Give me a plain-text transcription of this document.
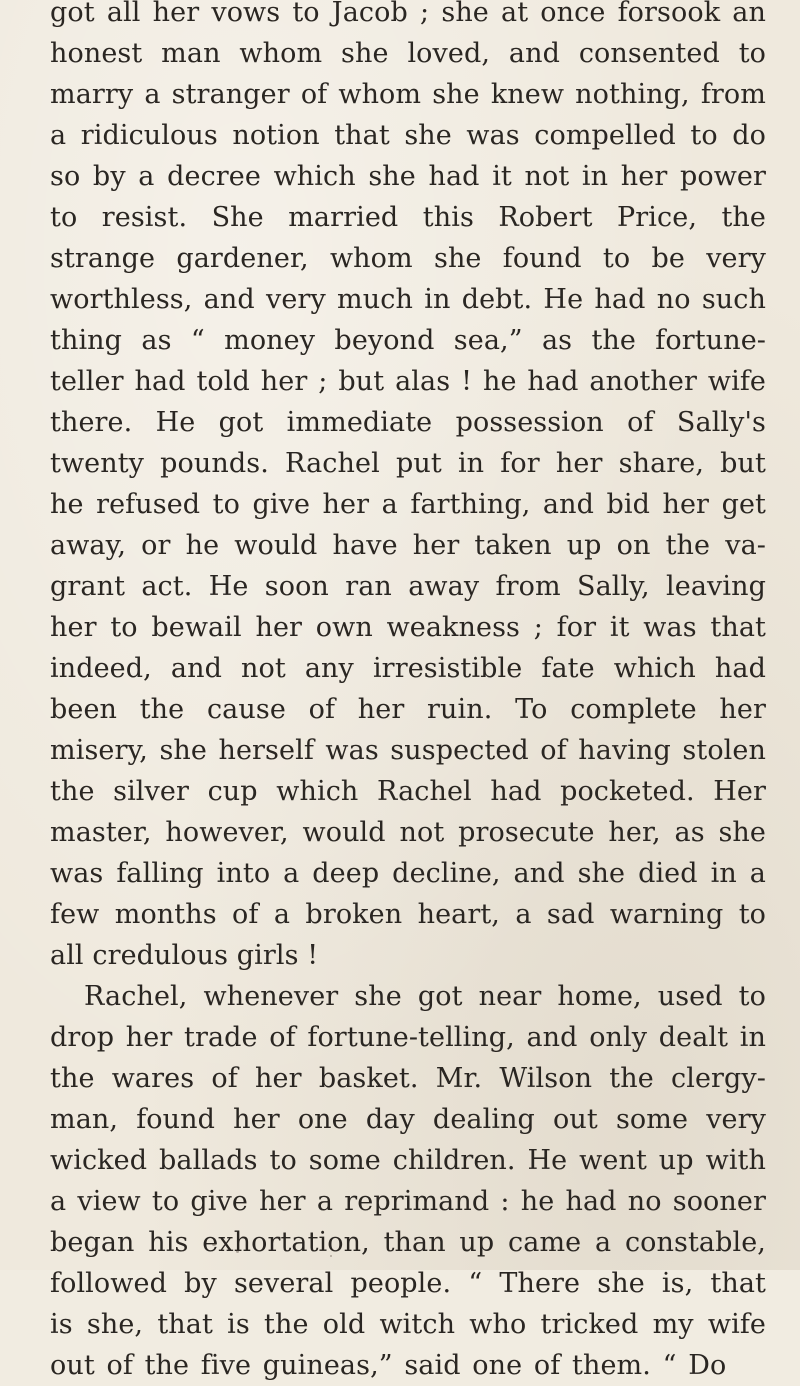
got all her vows to Jacob ; she at once forsook an
honest man whom she loved, and consented to
marry a stranger of whom she knew nothing, from
a ridiculous notion that she was compelled to do
so by a decree which she had it not in her power
to resist. She married this Robert Price, the
strange gardener, whom she found to be very
worthless, and very much in debt. He had no such
thing as “ money beyond sea,” as the fortune-
teller had told her ; but alas ! he had another wife
there. He got immediate possession of Sally's
twenty pounds. Rachel put in for her share, but
he refused to give her a farthing, and bid her get
away, or he would have her taken up on the va-
grant act. He soon ran away from Sally, leaving
her to bewail her own weakness ; for it was that
indeed, and not any irresistible fate which had
been the cause of her ruin. To complete her
misery, she herself was suspected of having stolen
the silver cup which Rachel had pocketed. Her
master, however, would not prosecute her, as she
was falling into a deep decline, and she died in a
few months of a broken heart, a sad warning to
all credulous girls !
Rachel, whenever she got near home, used to
drop her trade of fortune-telling, and only dealt in
the wares of her basket. Mr. Wilson the clergy-
man, found her one day dealing out some very
wicked ballads to some children. He went up with
a view to give her a reprimand : he had no sooner
began his exhortation, than up came a constable,
followed by several people. “ There she is, that
is she, that is the old witch who tricked my wife
out of the five guineas,” said one of them. “ Do
